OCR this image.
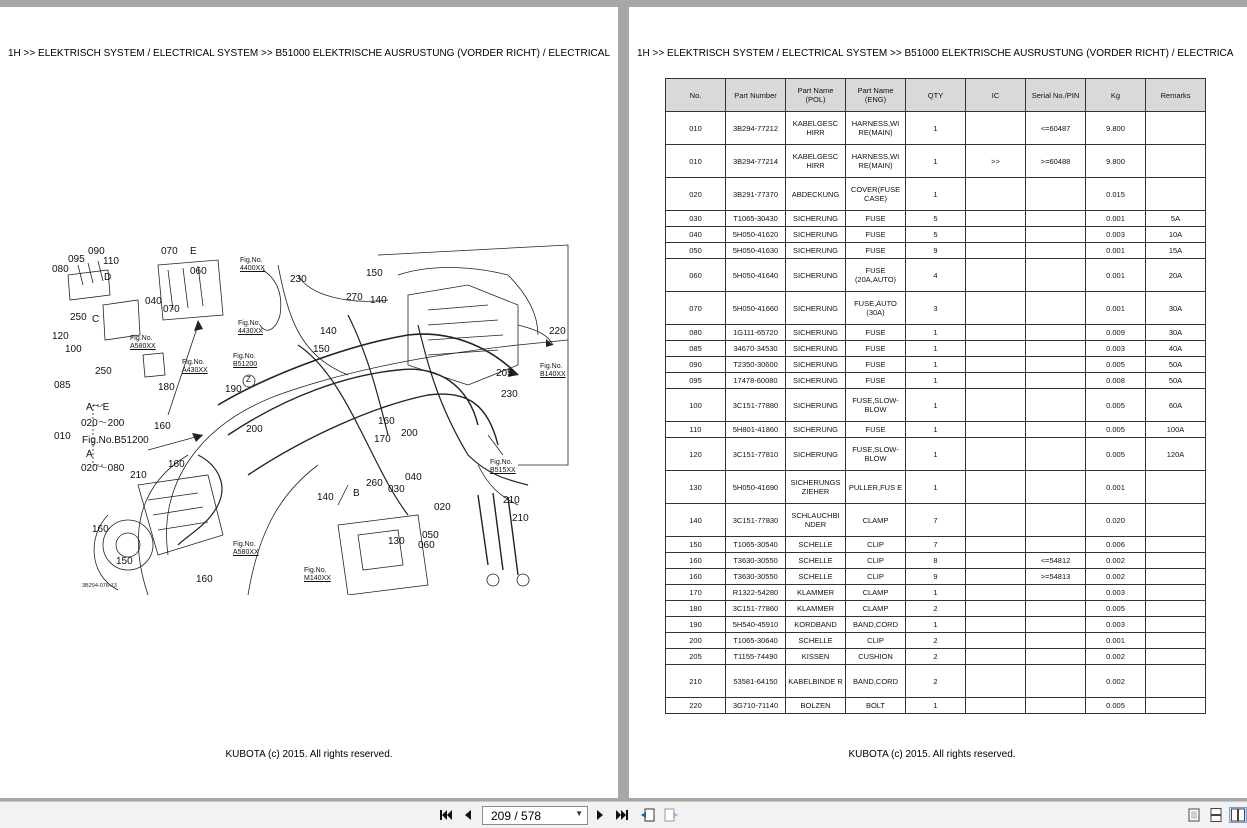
1H >> ELEKTRISCH SYSTEM / ELECTRICAL SYSTEM >> B51000 ELEKTRISCHE AUSRUSTUNG (VORDER RICHT) / ELECTRICAL
095
090
110
080
D
070 E
060
230
150
270 140
040
070
220
250 C
120
100
250
150
140
205
230
180	190
Z
085
A～E
020～200	160	200
010 Fig.No.B51200
A
020～080
210
160
170
200
160
140 B
260
030
040
020
210
210
160
050
060
130
150
160
Fig.No.
4400XX
Fig.No.
4430XX
Fig.No.
A580XX
Fig.No.
A430XX
Fig.No.
B51200	Fig.No.
B140XX
Fig.No.
B515XX
Fig.No.
A580XX
Fig.No.
M140XX
3B294-076-13
KUBOTA (c) 2015. All rights reserved.
1H >> ELEKTRISCH SYSTEM / ELECTRICAL SYSTEM >> B51000 ELEKTRISCHE AUSRUSTUNG (VORDER RICHT) / ELECTRICA
No.	Part Number	Part Name (POL)	Part Name (ENG)	QTY	IC	Serial No./PIN	Kg	Remarks
010	3B294-77212	KABELGESC HIRR	HARNESS,WI RE(MAIN)	1		<=60487	9.800	
010	3B294-77214	KABELGESC HIRR	HARNESS,WI RE(MAIN)	1	>>	>=60488	9.800	
020	3B291-77370	ABDECKUNG	COVER(FUSE CASE)	1			0.015	
030	T1065-30430	SICHERUNG	FUSE	5			0.001	5A
040	5H050-41620	SICHERUNG	FUSE	5			0.003	10A
050	5H050-41630	SICHERUNG	FUSE	9			0.001	15A
060	5H050-41640	SICHERUNG	FUSE (20A,AUTO)	4			0.001	20A
070	5H050-41660	SICHERUNG	FUSE,AUTO (30A)	3			0.001	30A
080	1G111-65720	SICHERUNG	FUSE	1			0.009	30A
085	34670-34530	SICHERUNG	FUSE	1			0.003	40A
090	T2350-30600	SICHERUNG	FUSE	1			0.005	50A
095	17478-60080	SICHERUNG	FUSE	1			0.008	50A
100	3C151-77880	SICHERUNG	FUSE,SLOW- BLOW	1			0.005	60A
110	5H801-41860	SICHERUNG	FUSE	1			0.005	100A
120	3C151-77810	SICHERUNG	FUSE,SLOW- BLOW	1			0.005	120A
130	5H050-41690	SICHERUNGS ZIEHER	PULLER,FUS E	1			0.001	
140	3C151-77830	SCHLAUCHBI NDER	CLAMP	7			0.020	
150	T1065-30540	SCHELLE	CLIP	7			0.006	
160	T3630-30550	SCHELLE	CLIP	8		<=54812	0.002	
160	T3630-30550	SCHELLE	CLIP	9		>=54813	0.002	
170	R1322-54280	KLAMMER	CLAMP	1			0.003	
180	3C151-77860	KLAMMER	CLAMP	2			0.005	
190	5H540-45910	KORDBAND	BAND,CORD	1			0.003	
200	T1065-30640	SCHELLE	CLIP	2			0.001	
205	T1155-74490	KISSEN	CUSHION	2			0.002	
210	53581-64150	KABELBINDE R	BAND,CORD	2			0.002	
220	3G710-71140	BOLZEN	BOLT	1			0.005	
KUBOTA (c) 2015. All rights reserved.
209 / 578	▼
